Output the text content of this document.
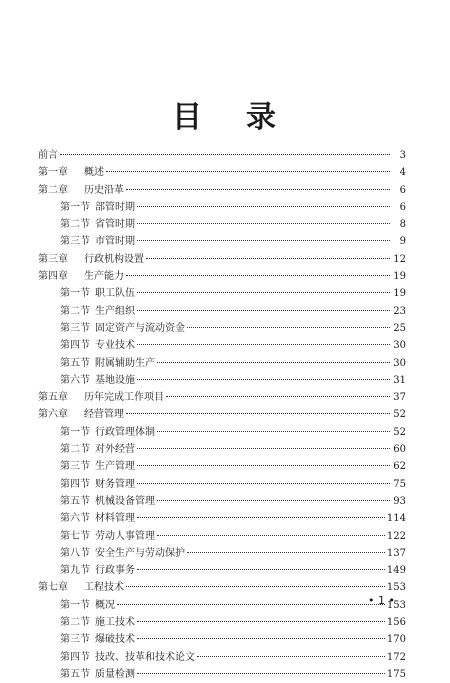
目 录
前言	3
第一章	概述	4
第二章	历史沿革	6
第一节 部管时期	6
第二节 省管时期	8
第三节 市管时期	9
第三章	行政机构设置	12
第四章	生产能力	19
第一节 职工队伍	19
第二节 生产组织	23
第三节 固定资产与流动资金	25
第四节 专业技术	30
第五节 附属辅助生产	30
第六节 基地设施	31
第五章	历年完成工作项目	37
第六章	经营管理	52
第一节 行政管理体制	52
第二节 对外经营	60
第三节 生产管理	62
第四节 财务管理	75
第五节 机械设备管理	93
第六节 材料管理	114
第七节 劳动人事管理	122
第八节 安全生产与劳动保护	137
第九节 行政事务	149
第七章	工程技术	153
第一节 概况	153
第二节 施工技术	156
第三节 爆破技术	170
第四节 技改、技革和技术论文	172
第五节 质量检测	175
• 1 •
